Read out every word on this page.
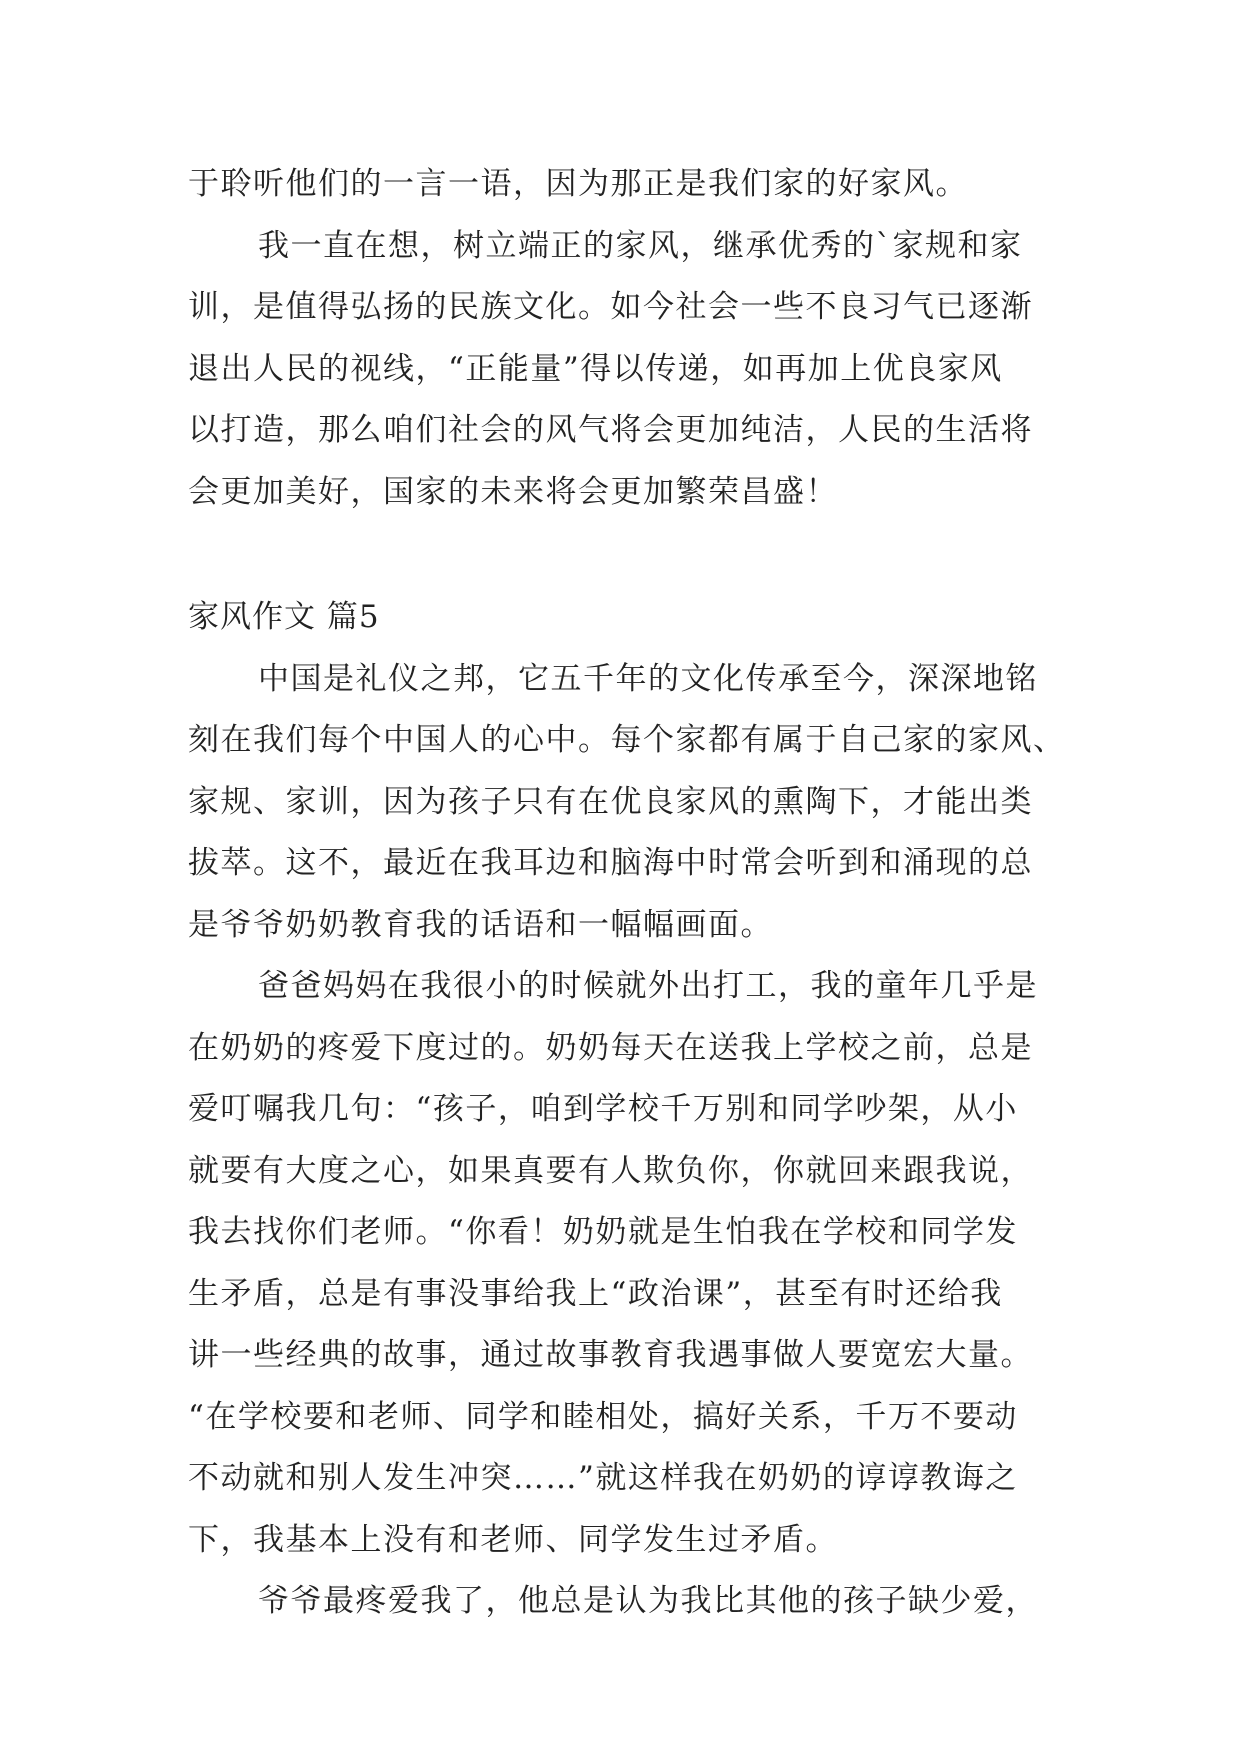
于聆听他们的一言一语，因为那正是我们家的好家风。
我一直在想，树立端正的家风，继承优秀的`家规和家
训，是值得弘扬的民族文化。如今社会一些不良习气已逐渐
退出人民的视线，“正能量”得以传递，如再加上优良家风
以打造，那么咱们社会的风气将会更加纯洁，人民的生活将
会更加美好，国家的未来将会更加繁荣昌盛！
家风作文 篇5
中国是礼仪之邦，它五千年的文化传承至今，深深地铭
刻在我们每个中国人的心中。每个家都有属于自己家的家风、
家规、家训，因为孩子只有在优良家风的熏陶下，才能出类
拔萃。这不，最近在我耳边和脑海中时常会听到和涌现的总
是爷爷奶奶教育我的话语和一幅幅画面。
爸爸妈妈在我很小的时候就外出打工，我的童年几乎是
在奶奶的疼爱下度过的。奶奶每天在送我上学校之前，总是
爱叮嘱我几句：“孩子，咱到学校千万别和同学吵架，从小
就要有大度之心，如果真要有人欺负你，你就回来跟我说，
我去找你们老师。“你看！奶奶就是生怕我在学校和同学发
生矛盾，总是有事没事给我上“政治课”，甚至有时还给我
讲一些经典的故事，通过故事教育我遇事做人要宽宏大量。
“在学校要和老师、同学和睦相处，搞好关系，千万不要动
不动就和别人发生冲突……”就这样我在奶奶的谆谆教诲之
下，我基本上没有和老师、同学发生过矛盾。
爷爷最疼爱我了，他总是认为我比其他的孩子缺少爱，
